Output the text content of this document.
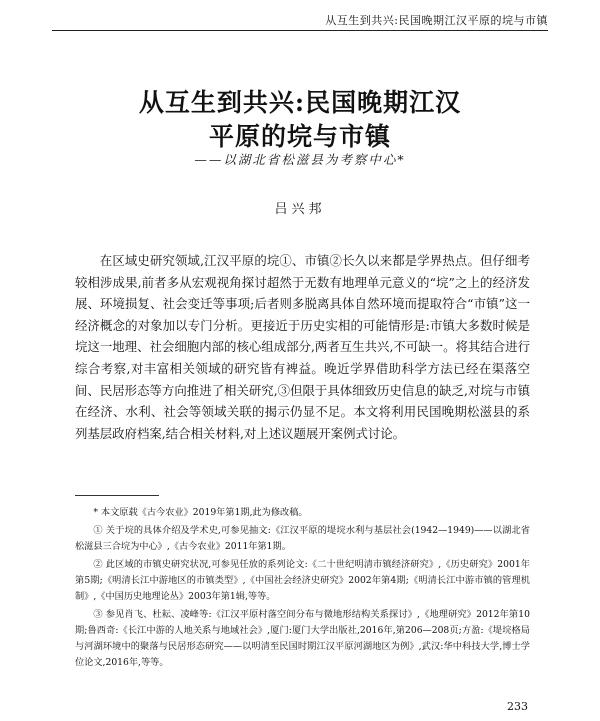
从互生到共兴:民国晚期江汉平原的垸与市镇
从互生到共兴:民国晚期江汉
平原的垸与市镇
——以湖北省松滋县为考察中心*
吕兴邦
在区域史研究领域,江汉平原的垸①、市镇②长久以来都是学界热点。但仔细考较相涉成果,前者多从宏观视角探讨超然于无数有地理单元意义的“垸”之上的经济发展、环境损复、社会变迁等事项;后者则多脱离具体自然环境而提取符合“市镇”这一经济概念的对象加以专门分析。更接近于历史实相的可能情形是:市镇大多数时候是垸这一地理、社会细胞内部的核心组成部分,两者互生共兴,不可缺一。将其结合进行综合考察,对丰富相关领域的研究皆有裨益。晚近学界借助科学方法已经在渠落空间、民居形态等方向推进了相关研究,③但限于具体细致历史信息的缺乏,对垸与市镇在经济、水利、社会等领域关联的揭示仍显不足。本文将利用民国晚期松滋县的系列基层政府档案,结合相关材料,对上述议题展开案例式讨论。

* 本文原载《古今农业》2019年第1期,此为修改稿。

① 关于垸的具体介绍及学术史,可参见抽文:《江汉平原的堤垸水利与基层社会(1942—1949)——以湖北省松滋县三合垸为中心》,《古今农业》2011年第1期。

② 此区域的市镇史研究状况,可参见任放的系列论文:《二十世纪明清市镇经济研究》,《历史研究》2001年第5期;《明清长江中游地区的市镇类型》,《中国社会经济史研究》2002年第4期;《明清长江中游市镇的管理机制》,《中国历史地理论丛》2003年第1辑,等等。

③ 参见肖飞、杜耘、凌峰等:《江汉平原村落空间分布与微地形结构关系探讨》,《地理研究》2012年第10期;鲁西奇:《长江中游的人地关系与地域社会》,厦门:厦门大学出版社,2016年,第206—208页;方盈:《堤垸格局与河湖环境中的聚落与民居形态研究——以明清至民国时期江汉平原河湖地区为例》,武汉:华中科技大学,博士学位论文,2016年,等等。

233
